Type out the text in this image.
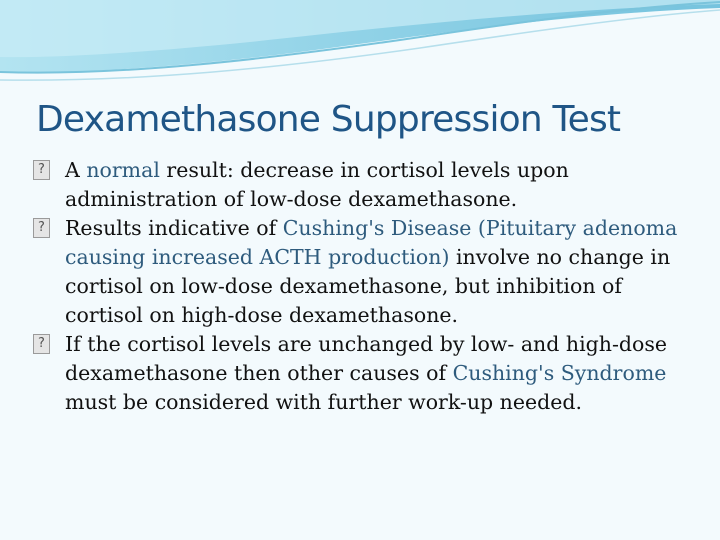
Dexamethasone Suppression Test
? A normal result: decrease in cortisol levels upon administration of low-dose dexamethasone.
? Results indicative of Cushing's Disease (Pituitary adenoma causing increased ACTH production) involve no change in cortisol on low-dose dexamethasone, but inhibition of cortisol on high-dose dexamethasone.
? If the cortisol levels are unchanged by low- and high-dose dexamethasone then other causes of Cushing's Syndrome must be considered with further work-up needed.
